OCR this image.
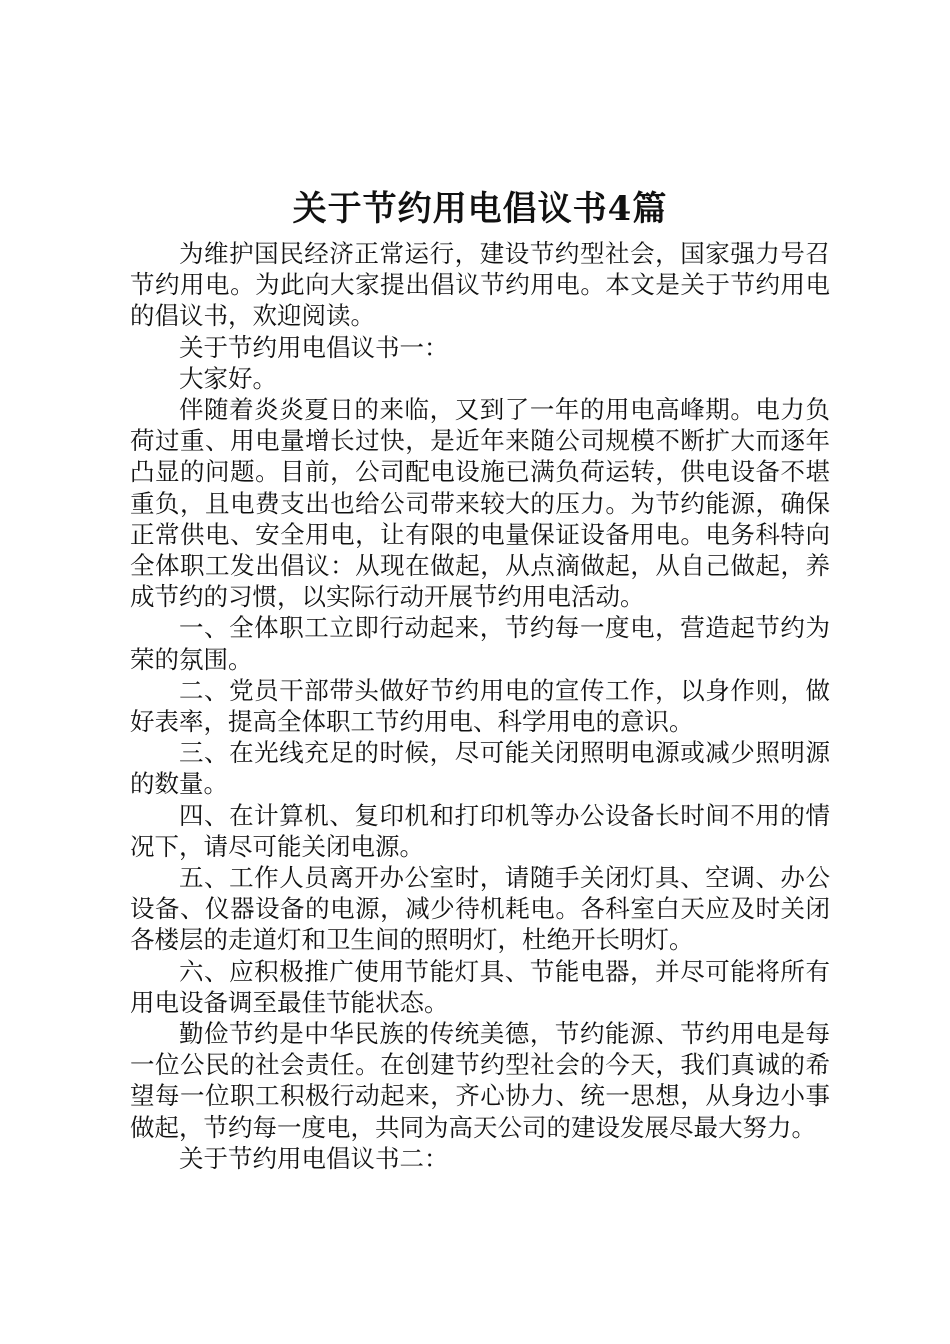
关于节约用电倡议书4篇

为维护国民经济正常运行，建设节约型社会，国家强力号召节约用电。为此向大家提出倡议节约用电。本文是关于节约用电的倡议书，欢迎阅读。

关于节约用电倡议书一：

大家好。

伴随着炎炎夏日的来临，又到了一年的用电高峰期。电力负荷过重、用电量增长过快，是近年来随公司规模不断扩大而逐年凸显的问题。目前，公司配电设施已满负荷运转，供电设备不堪重负，且电费支出也给公司带来较大的压力。为节约能源，确保正常供电、安全用电，让有限的电量保证设备用电。电务科特向全体职工发出倡议：从现在做起，从点滴做起，从自己做起，养成节约的习惯，以实际行动开展节约用电活动。

一、全体职工立即行动起来，节约每一度电，营造起节约为荣的氛围。

二、党员干部带头做好节约用电的宣传工作，以身作则，做好表率，提高全体职工节约用电、科学用电的意识。

三、在光线充足的时候，尽可能关闭照明电源或减少照明源的数量。

四、在计算机、复印机和打印机等办公设备长时间不用的情况下，请尽可能关闭电源。

五、工作人员离开办公室时，请随手关闭灯具、空调、办公设备、仪器设备的电源，减少待机耗电。各科室白天应及时关闭各楼层的走道灯和卫生间的照明灯，杜绝开长明灯。

六、应积极推广使用节能灯具、节能电器，并尽可能将所有用电设备调至最佳节能状态。

勤俭节约是中华民族的传统美德，节约能源、节约用电是每一位公民的社会责任。在创建节约型社会的今天，我们真诚的希望每一位职工积极行动起来，齐心协力、统一思想，从身边小事做起，节约每一度电，共同为高天公司的建设发展尽最大努力。

关于节约用电倡议书二：
